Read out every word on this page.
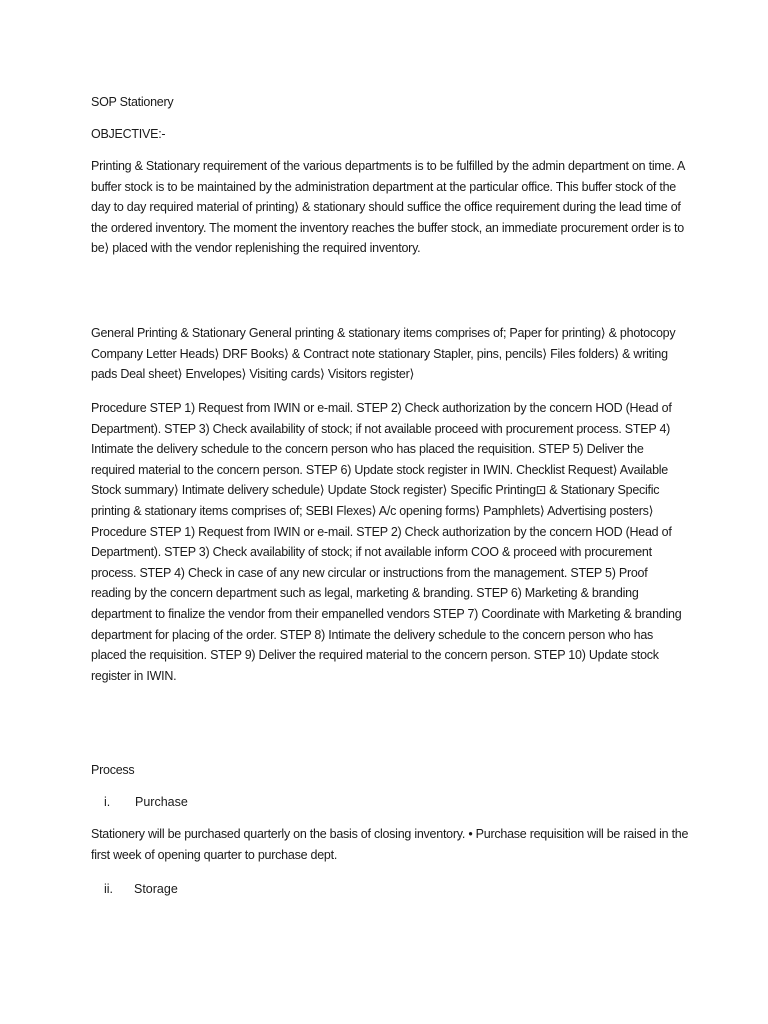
SOP Stationery

OBJECTIVE:-

Printing & Stationary requirement of the various departments is to be fulfilled by the admin department on time. A buffer stock is to be maintained by the administration department at the particular office. This buffer stock of the day to day required material of printing⟩ & stationary should suffice the office requirement during the lead time of the ordered inventory. The moment the inventory reaches the buffer stock, an immediate procurement order is to be⟩ placed with the vendor replenishing the required inventory.

General Printing & Stationary General printing & stationary items comprises of; Paper for printing⟩ & photocopy Company Letter Heads⟩ DRF Books⟩ & Contract note stationary Stapler, pins, pencils⟩ Files folders⟩ & writing pads Deal sheet⟩ Envelopes⟩ Visiting cards⟩ Visitors register⟩

Procedure STEP 1) Request from IWIN or e-mail. STEP 2) Check authorization by the concern HOD (Head of Department). STEP 3) Check availability of stock; if not available proceed with procurement process. STEP 4) Intimate the delivery schedule to the concern person who has placed the requisition. STEP 5) Deliver the required material to the concern person. STEP 6) Update stock register in IWIN. Checklist Request⟩ Available Stock summary⟩ Intimate delivery schedule⟩ Update Stock register⟩ Specific Printing⊡ & Stationary Specific printing & stationary items comprises of; SEBI Flexes⟩ A/c opening forms⟩ Pamphlets⟩ Advertising posters⟩ Procedure STEP 1) Request from IWIN or e-mail. STEP 2) Check authorization by the concern HOD (Head of Department). STEP 3) Check availability of stock; if not available inform COO & proceed with procurement process. STEP 4) Check in case of any new circular or instructions from the management. STEP 5) Proof reading by the concern department such as legal, marketing & branding. STEP 6) Marketing & branding department to finalize the vendor from their empanelled vendors STEP 7) Coordinate with Marketing & branding department for placing of the order. STEP 8) Intimate the delivery schedule to the concern person who has placed the requisition. STEP 9) Deliver the required material to the concern person. STEP 10) Update stock register in IWIN.

Process

i. Purchase

Stationery will be purchased quarterly on the basis of closing inventory. • Purchase requisition will be raised in the first week of opening quarter to purchase dept.

ii. Storage
